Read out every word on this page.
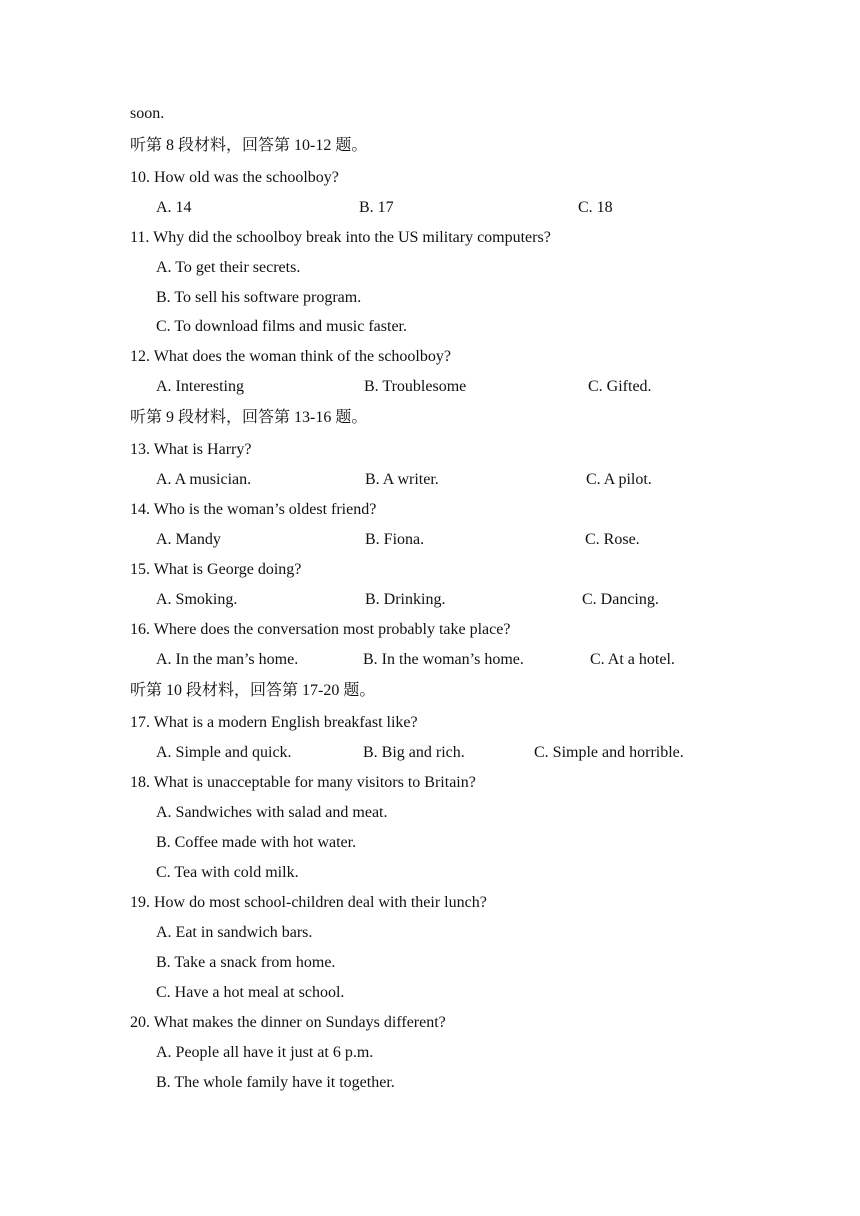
soon.
听第 8 段材料，回答第 10-12 题。
10. How old was the schoolboy?
A. 14	B. 17	C. 18
11. Why did the schoolboy break into the US military computers?
A. To get their secrets.
B. To sell his software program.
C. To download films and music faster.
12. What does the woman think of the schoolboy?
A. Interesting	B. Troublesome	C. Gifted.
听第 9 段材料，回答第 13-16 题。
13. What is Harry?
A. A musician.	B. A writer.	C. A pilot.
14. Who is the woman’s oldest friend?
A. Mandy	B. Fiona.	C. Rose.
15. What is George doing?
A. Smoking.	B. Drinking.	C. Dancing.
16. Where does the conversation most probably take place?
A. In the man’s home.	B. In the woman’s home.	C. At a hotel.
听第 10 段材料，回答第 17-20 题。
17. What is a modern English breakfast like?
A. Simple and quick.	B. Big and rich.	C. Simple and horrible.
18. What is unacceptable for many visitors to Britain?
A. Sandwiches with salad and meat.
B. Coffee made with hot water.
C. Tea with cold milk.
19. How do most school-children deal with their lunch?
A. Eat in sandwich bars.
B. Take a snack from home.
C. Have a hot meal at school.
20. What makes the dinner on Sundays different?
A. People all have it just at 6 p.m.
B. The whole family have it together.
